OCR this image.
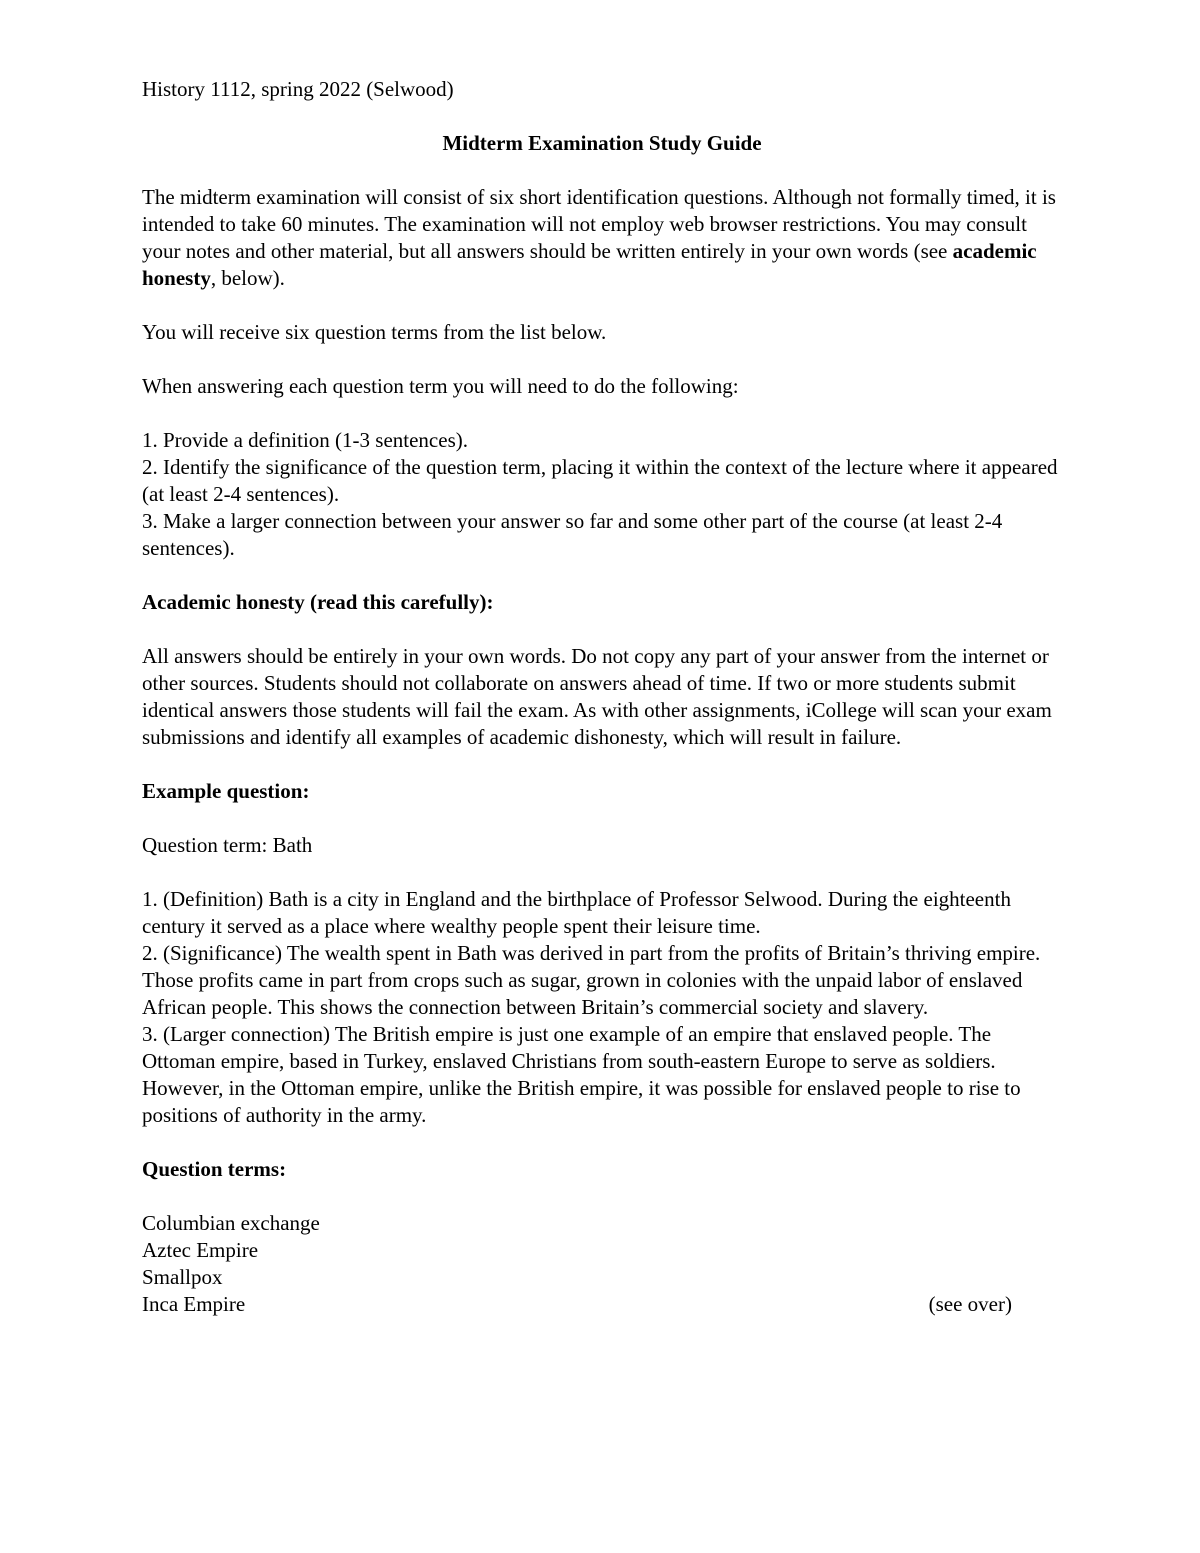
History 1112, spring 2022 (Selwood)

Midterm Examination Study Guide

The midterm examination will consist of six short identification questions. Although not formally timed, it is intended to take 60 minutes. The examination will not employ web browser restrictions. You may consult your notes and other material, but all answers should be written entirely in your own words (see academic honesty, below).

You will receive six question terms from the list below.

When answering each question term you will need to do the following:

1. Provide a definition (1-3 sentences).

2. Identify the significance of the question term, placing it within the context of the lecture where it appeared (at least 2-4 sentences).

3. Make a larger connection between your answer so far and some other part of the course (at least 2-4 sentences).

Academic honesty (read this carefully):

All answers should be entirely in your own words. Do not copy any part of your answer from the internet or other sources. Students should not collaborate on answers ahead of time. If two or more students submit identical answers those students will fail the exam. As with other assignments, iCollege will scan your exam submissions and identify all examples of academic dishonesty, which will result in failure.

Example question:

Question term: Bath

1. (Definition) Bath is a city in England and the birthplace of Professor Selwood. During the eighteenth century it served as a place where wealthy people spent their leisure time.

2. (Significance) The wealth spent in Bath was derived in part from the profits of Britain’s thriving empire. Those profits came in part from crops such as sugar, grown in colonies with the unpaid labor of enslaved African people. This shows the connection between Britain’s commercial society and slavery.

3. (Larger connection) The British empire is just one example of an empire that enslaved people. The Ottoman empire, based in Turkey, enslaved Christians from south-eastern Europe to serve as soldiers. However, in the Ottoman empire, unlike the British empire, it was possible for enslaved people to rise to positions of authority in the army.

Question terms:

Columbian exchange

Aztec Empire

Smallpox

Inca Empire	(see over)
